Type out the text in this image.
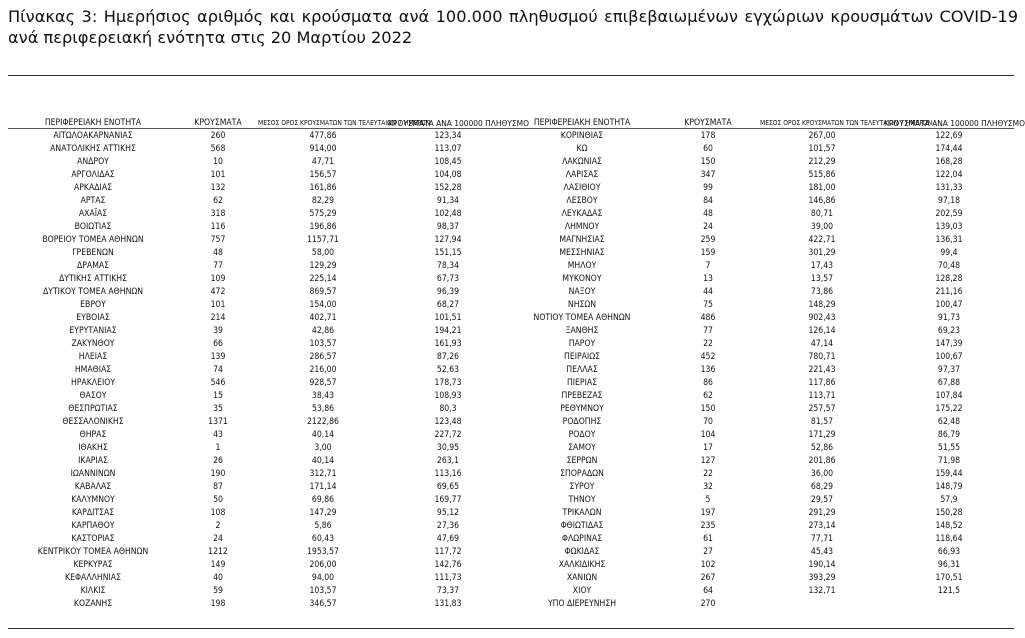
Πίνακας 3: Ημερήσιος αριθμός και κρούσματα ανά 100.000 πληθυσμού επιβεβαιωμένων εγχώριων κρουσμάτων COVID-19 ανά περιφερειακή ενότητα στις 20 Μαρτίου 2022
ΠΕΡΙΦΕΡΕΙΑΚΗ ΕΝΟΤΗΤΑ	ΚΡΟΥΣΜΑΤΑ	ΜΕΣΟΣ ΟΡΟΣ ΚΡΟΥΣΜΑΤΩΝ ΤΩΝ ΤΕΛΕΥΤΑΙΩΝ 7 ΗΜΕΡΩΝ	ΚΡΟΥΣΜΑΤΑ ΑΝΑ 100000 ΠΛΗΘΥΣΜΟ	ΠΕΡΙΦΕΡΕΙΑΚΗ ΕΝΟΤΗΤΑ	ΚΡΟΥΣΜΑΤΑ	ΜΕΣΟΣ ΟΡΟΣ ΚΡΟΥΣΜΑΤΩΝ ΤΩΝ ΤΕΛΕΥΤΑΙΩΝ 7 ΗΜΕΡΩΝ	ΚΡΟΥΣΜΑΤΑ ΑΝΑ 100000 ΠΛΗΘΥΣΜΟ
ΑΙΤΩΛΟΑΚΑΡΝΑΝΙΑΣ	260	477,86	123,34	ΚΟΡΙΝΘΙΑΣ	178	267,00	122,69
ΑΝΑΤΟΛΙΚΗΣ ΑΤΤΙΚΗΣ	568	914,00	113,07	ΚΩ	60	101,57	174,44
ΑΝΔΡΟΥ	10	47,71	108,45	ΛΑΚΩΝΙΑΣ	150	212,29	168,28
ΑΡΓΟΛΙΔΑΣ	101	156,57	104,08	ΛΑΡΙΣΑΣ	347	515,86	122,04
ΑΡΚΑΔΙΑΣ	132	161,86	152,28	ΛΑΣΙΘΙΟΥ	99	181,00	131,33
ΑΡΤΑΣ	62	82,29	91,34	ΛΕΣΒΟΥ	84	146,86	97,18
ΑΧΑΪΑΣ	318	575,29	102,48	ΛΕΥΚΑΔΑΣ	48	80,71	202,59
ΒΟΙΩΤΙΑΣ	116	196,86	98,37	ΛΗΜΝΟΥ	24	39,00	139,03
ΒΟΡΕΙΟΥ ΤΟΜΕΑ ΑΘΗΝΩΝ	757	1157,71	127,94	ΜΑΓΝΗΣΙΑΣ	259	422,71	136,31
ΓΡΕΒΕΝΩΝ	48	58,00	151,15	ΜΕΣΣΗΝΙΑΣ	159	301,29	99,4
ΔΡΑΜΑΣ	77	129,29	78,34	ΜΗΛΟΥ	7	17,43	70,48
ΔΥΤΙΚΗΣ ΑΤΤΙΚΗΣ	109	225,14	67,73	ΜΥΚΟΝΟΥ	13	13,57	128,28
ΔΥΤΙΚΟΥ ΤΟΜΕΑ ΑΘΗΝΩΝ	472	869,57	96,39	ΝΑΞΟΥ	44	73,86	211,16
ΕΒΡΟΥ	101	154,00	68,27	ΝΗΣΩΝ	75	148,29	100,47
ΕΥΒΟΙΑΣ	214	402,71	101,51	ΝΟΤΙΟΥ ΤΟΜΕΑ ΑΘΗΝΩΝ	486	902,43	91,73
ΕΥΡΥΤΑΝΙΑΣ	39	42,86	194,21	ΞΑΝΘΗΣ	77	126,14	69,23
ΖΑΚΥΝΘΟΥ	66	103,57	161,93	ΠΑΡΟΥ	22	47,14	147,39
ΗΛΕΙΑΣ	139	286,57	87,26	ΠΕΙΡΑΙΩΣ	452	780,71	100,67
ΗΜΑΘΙΑΣ	74	216,00	52,63	ΠΕΛΛΑΣ	136	221,43	97,37
ΗΡΑΚΛΕΙΟΥ	546	928,57	178,73	ΠΙΕΡΙΑΣ	86	117,86	67,88
ΘΑΣΟΥ	15	38,43	108,93	ΠΡΕΒΕΖΑΣ	62	113,71	107,84
ΘΕΣΠΡΩΤΙΑΣ	35	53,86	80,3	ΡΕΘΥΜΝΟΥ	150	257,57	175,22
ΘΕΣΣΑΛΟΝΙΚΗΣ	1371	2122,86	123,48	ΡΟΔΟΠΗΣ	70	81,57	62,48
ΘΗΡΑΣ	43	40,14	227,72	ΡΟΔΟΥ	104	171,29	86,79
ΙΘΑΚΗΣ	1	3,00	30,95	ΣΑΜΟΥ	17	52,86	51,55
ΙΚΑΡΙΑΣ	26	40,14	263,1	ΣΕΡΡΩΝ	127	201,86	71,98
ΙΩΑΝΝΙΝΩΝ	190	312,71	113,16	ΣΠΟΡΑΔΩΝ	22	36,00	159,44
ΚΑΒΑΛΑΣ	87	171,14	69,65	ΣΥΡΟΥ	32	68,29	148,79
ΚΑΛΥΜΝΟΥ	50	69,86	169,77	ΤΗΝΟΥ	5	29,57	57,9
ΚΑΡΔΙΤΣΑΣ	108	147,29	95,12	ΤΡΙΚΑΛΩΝ	197	291,29	150,28
ΚΑΡΠΑΘΟΥ	2	5,86	27,36	ΦΘΙΩΤΙΔΑΣ	235	273,14	148,52
ΚΑΣΤΟΡΙΑΣ	24	60,43	47,69	ΦΛΩΡΙΝΑΣ	61	77,71	118,64
ΚΕΝΤΡΙΚΟΥ ΤΟΜΕΑ ΑΘΗΝΩΝ	1212	1953,57	117,72	ΦΩΚΙΔΑΣ	27	45,43	66,93
ΚΕΡΚΥΡΑΣ	149	206,00	142,76	ΧΑΛΚΙΔΙΚΗΣ	102	190,14	96,31
ΚΕΦΑΛΛΗΝΙΑΣ	40	94,00	111,73	ΧΑΝΙΩΝ	267	393,29	170,51
ΚΙΛΚΙΣ	59	103,57	73,37	ΧΙΟΥ	64	132,71	121,5
ΚΟΖΑΝΗΣ	198	346,57	131,83	ΥΠΟ ΔΙΕΡΕΥΝΗΣΗ	270		
